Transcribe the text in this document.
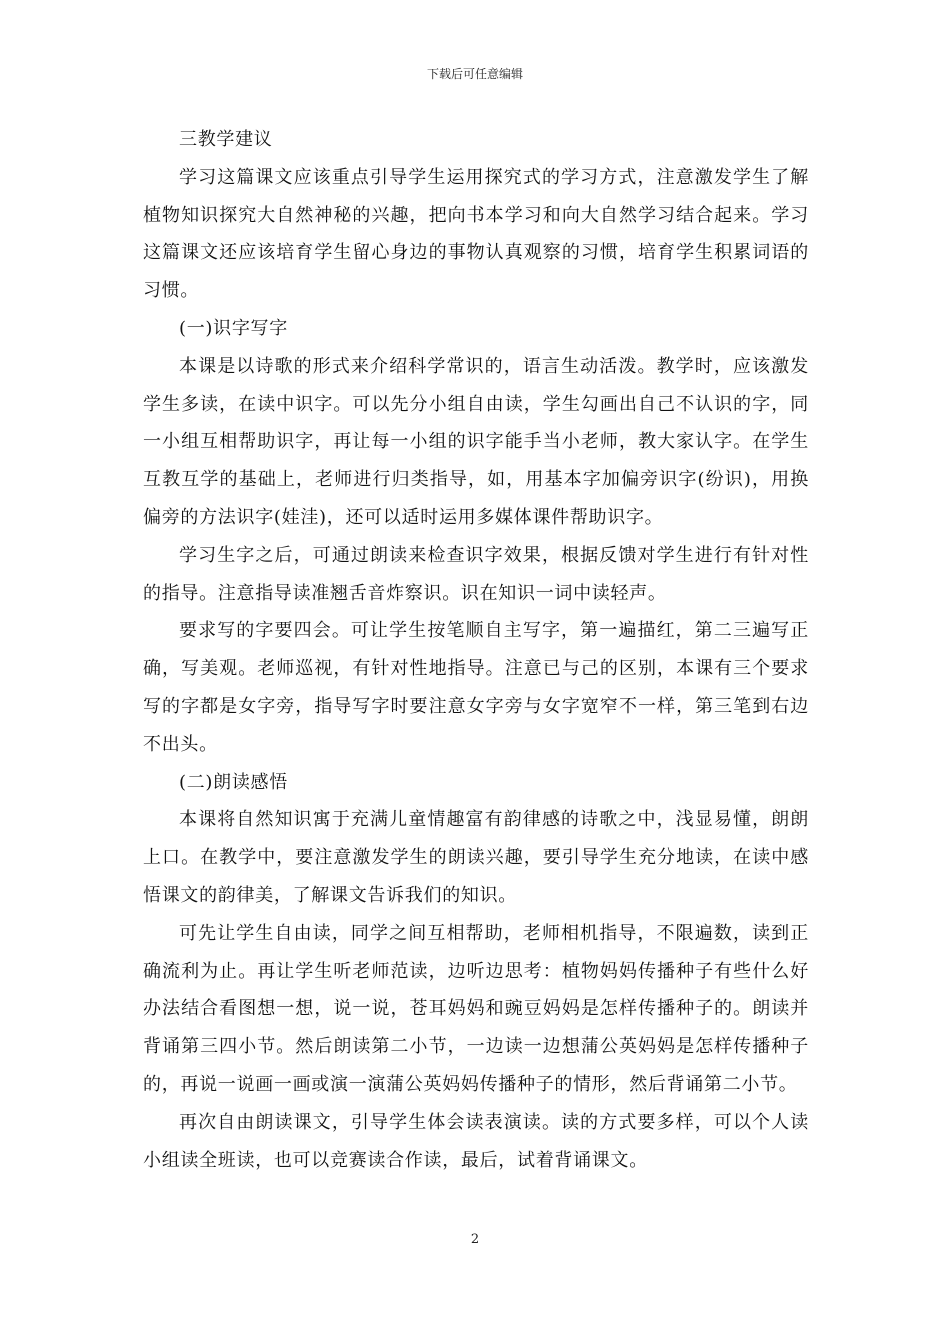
下载后可任意编辑

三教学建议

学习这篇课文应该重点引导学生运用探究式的学习方式，注意激发学生了解植物知识探究大自然神秘的兴趣，把向书本学习和向大自然学习结合起来。学习这篇课文还应该培育学生留心身边的事物认真观察的习惯，培育学生积累词语的习惯。

(一)识字写字

本课是以诗歌的形式来介绍科学常识的，语言生动活泼。教学时，应该激发学生多读，在读中识字。可以先分小组自由读，学生勾画出自己不认识的字，同一小组互相帮助识字，再让每一小组的识字能手当小老师，教大家认字。在学生互教互学的基础上，老师进行归类指导，如，用基本字加偏旁识字(纷识)，用换偏旁的方法识字(娃洼)，还可以适时运用多媒体课件帮助识字。

学习生字之后，可通过朗读来检查识字效果，根据反馈对学生进行有针对性的指导。注意指导读准翘舌音炸察识。识在知识一词中读轻声。

要求写的字要四会。可让学生按笔顺自主写字，第一遍描红，第二三遍写正确，写美观。老师巡视，有针对性地指导。注意已与己的区别，本课有三个要求写的字都是女字旁，指导写字时要注意女字旁与女字宽窄不一样，第三笔到右边不出头。

(二)朗读感悟

本课将自然知识寓于充满儿童情趣富有韵律感的诗歌之中，浅显易懂，朗朗上口。在教学中，要注意激发学生的朗读兴趣，要引导学生充分地读，在读中感悟课文的韵律美，了解课文告诉我们的知识。

可先让学生自由读，同学之间互相帮助，老师相机指导，不限遍数，读到正确流利为止。再让学生听老师范读，边听边思考：植物妈妈传播种子有些什么好办法结合看图想一想，说一说，苍耳妈妈和豌豆妈妈是怎样传播种子的。朗读并背诵第三四小节。然后朗读第二小节，一边读一边想蒲公英妈妈是怎样传播种子的，再说一说画一画或演一演蒲公英妈妈传播种子的情形，然后背诵第二小节。

再次自由朗读课文，引导学生体会读表演读。读的方式要多样，可以个人读小组读全班读，也可以竞赛读合作读，最后，试着背诵课文。

2
